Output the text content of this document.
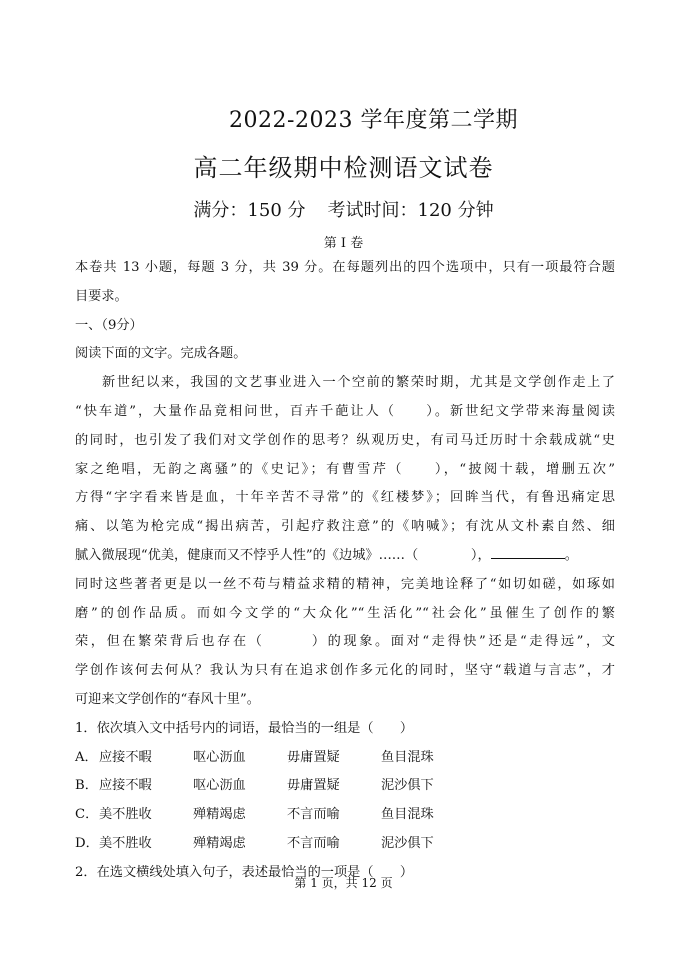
2022-2023 学年度第二学期
高二年级期中检测语文试卷
满分：150 分 考试时间：120 分钟
第 I 卷
本卷共 13 小题，每题 3 分，共 39 分。在每题列出的四个选项中，只有一项最符合题
目要求。
一、（9分）
阅读下面的文字。完成各题。
新世纪以来，我国的文艺事业进入一个空前的繁荣时期，尤其是文学创作走上了
“快车道”，大量作品竟相问世，百卉千葩让人（　　）。新世纪文学带来海量阅读
的同时，也引发了我们对文学创作的思考？纵观历史，有司马迁历时十余载成就“史
家之绝唱，无韵之离骚”的《史记》；有曹雪芹（　　），“披阅十载，增删五次”
方得“字字看来皆是血，十年辛苦不寻常”的《红楼梦》；回眸当代，有鲁迅痛定思
痛、以笔为枪完成“揭出病苦，引起疗救注意”的《呐喊》；有沈从文朴素自然、细
腻入微展现“优美，健康而又不悖乎人性”的《边城》……（　　　　），	。
同时这些著者更是以一丝不苟与精益求精的精神，完美地诠释了“如切如磋，如琢如
磨”的创作品质。而如今文学的“大众化”“生活化”“社会化”虽催生了创作的繁
荣，但在繁荣背后也存在（　　　）的现象。面对“走得快”还是“走得远”，文
学创作该何去何从？我认为只有在追求创作多元化的同时，坚守“载道与言志”，才
可迎来文学创作的“春风十里”。
1．依次填入文中括号内的词语，最恰当的一组是（　　）
A． 应接不暇	呕心沥血	毋庸置疑	鱼目混珠
B． 应接不暇	呕心沥血	毋庸置疑	泥沙俱下
C． 美不胜收	殚精竭虑	不言而喻	鱼目混珠
D． 美不胜收	殚精竭虑	不言而喻	泥沙俱下
2．在选文横线处填入句子，表述最恰当的一项是（　　）
第 1 页，共 12 页
